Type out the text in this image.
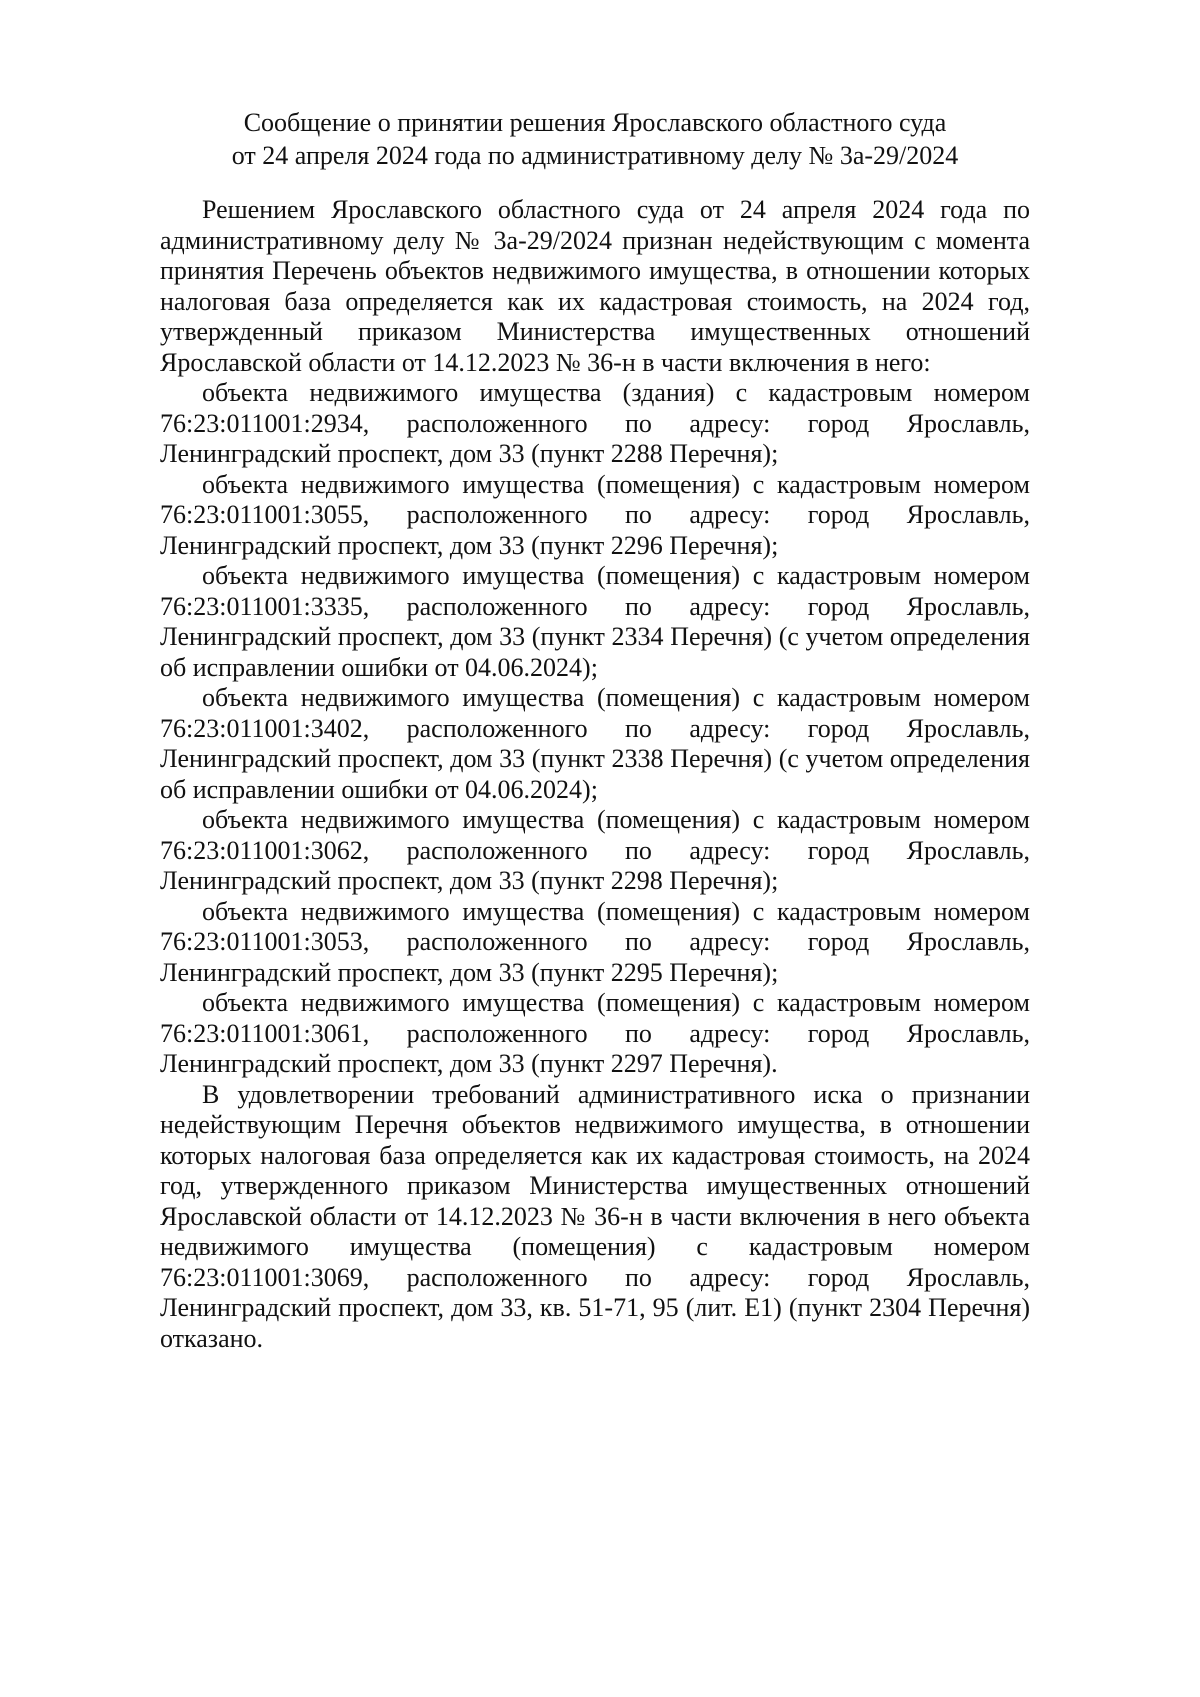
Сообщение о принятии решения Ярославского областного суда
от 24 апреля 2024 года по административному делу № 3а-29/2024

Решением Ярославского областного суда от 24 апреля 2024 года по административному делу № 3а-29/2024 признан недействующим с момента принятия Перечень объектов недвижимого имущества, в отношении которых налоговая база определяется как их кадастровая стоимость, на 2024 год, утвержденный приказом Министерства имущественных отношений Ярославской области от 14.12.2023 № 36-н в части включения в него:

объекта недвижимого имущества (здания) с кадастровым номером 76:23:011001:2934, расположенного по адресу: город Ярославль, Ленинградский проспект, дом 33 (пункт 2288 Перечня);

объекта недвижимого имущества (помещения) с кадастровым номером 76:23:011001:3055, расположенного по адресу: город Ярославль, Ленинградский проспект, дом 33 (пункт 2296 Перечня);

объекта недвижимого имущества (помещения) с кадастровым номером 76:23:011001:3335, расположенного по адресу: город Ярославль, Ленинградский проспект, дом 33 (пункт 2334 Перечня) (с учетом определения об исправлении ошибки от 04.06.2024);

объекта недвижимого имущества (помещения) с кадастровым номером 76:23:011001:3402, расположенного по адресу: город Ярославль, Ленинградский проспект, дом 33 (пункт 2338 Перечня) (с учетом определения об исправлении ошибки от 04.06.2024);

объекта недвижимого имущества (помещения) с кадастровым номером 76:23:011001:3062, расположенного по адресу: город Ярославль, Ленинградский проспект, дом 33 (пункт 2298 Перечня);

объекта недвижимого имущества (помещения) с кадастровым номером 76:23:011001:3053, расположенного по адресу: город Ярославль, Ленинградский проспект, дом 33 (пункт 2295 Перечня);

объекта недвижимого имущества (помещения) с кадастровым номером 76:23:011001:3061, расположенного по адресу: город Ярославль, Ленинградский проспект, дом 33 (пункт 2297 Перечня).

В удовлетворении требований административного иска о признании недействующим Перечня объектов недвижимого имущества, в отношении которых налоговая база определяется как их кадастровая стоимость, на 2024 год, утвержденного приказом Министерства имущественных отношений Ярославской области от 14.12.2023 № 36-н в части включения в него объекта недвижимого имущества (помещения) с кадастровым номером 76:23:011001:3069, расположенного по адресу: город Ярославль, Ленинградский проспект, дом 33, кв. 51-71, 95 (лит. Е1) (пункт 2304 Перечня) отказано.
